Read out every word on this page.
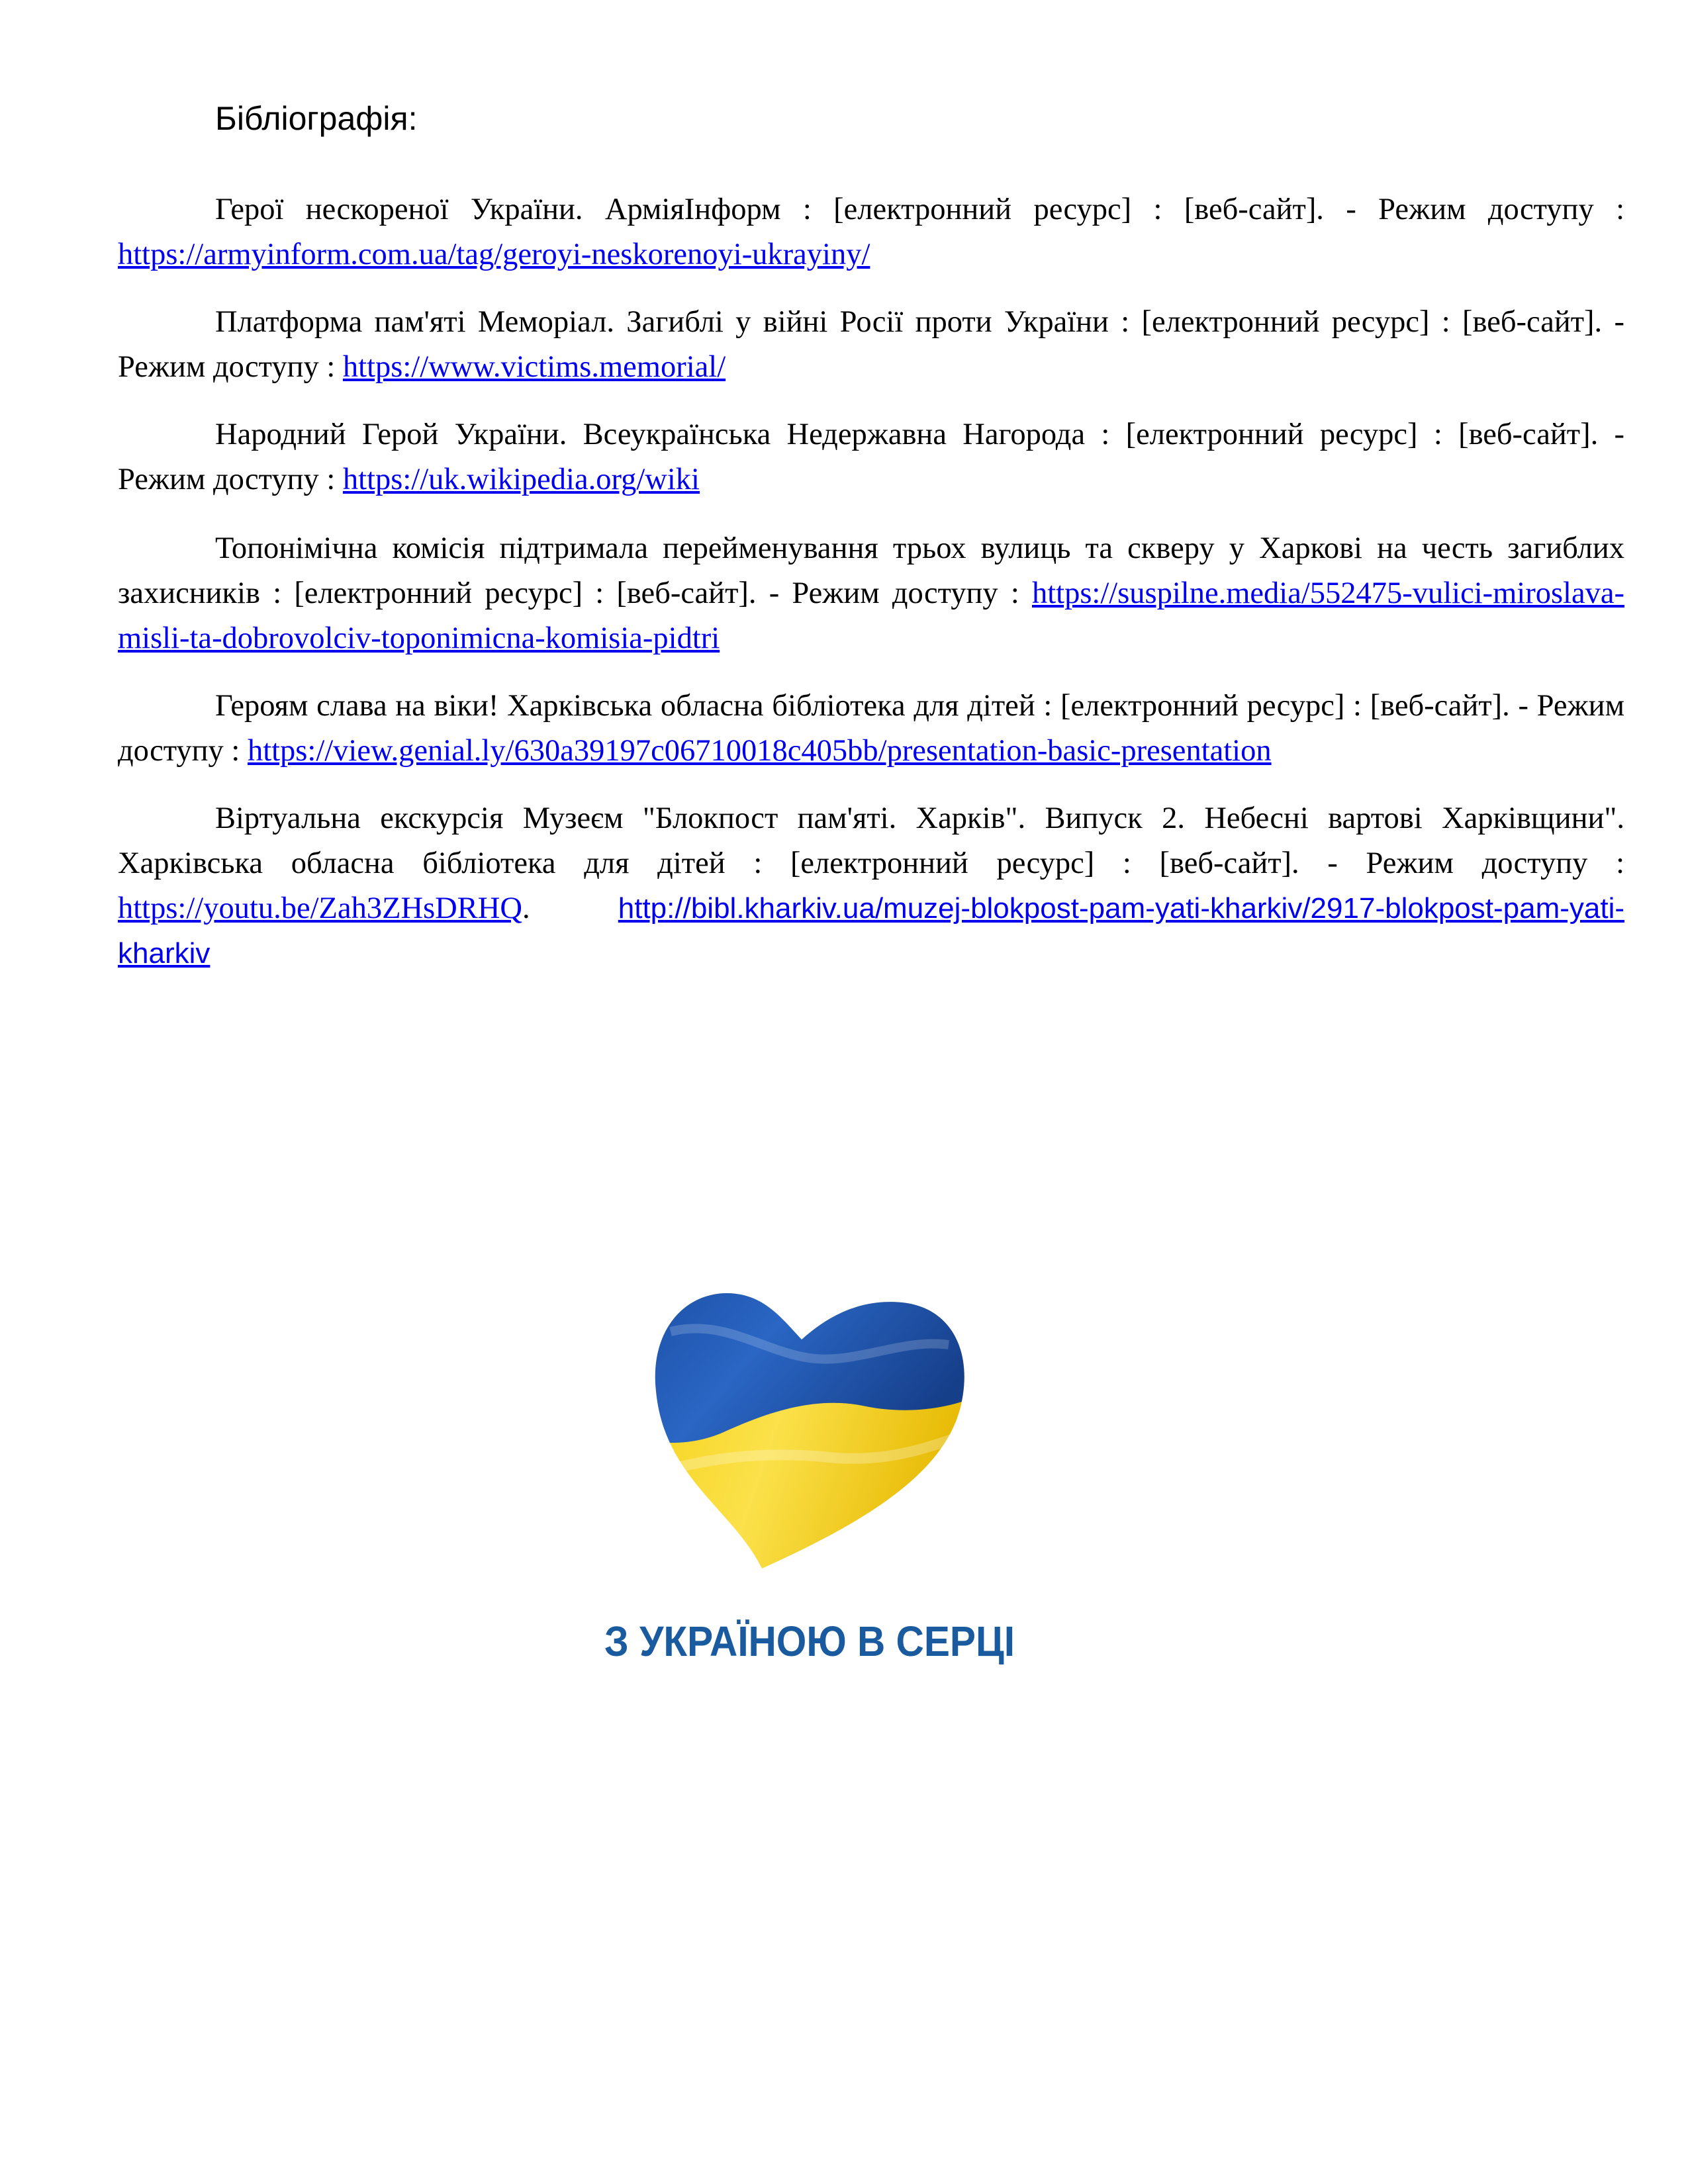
Бібліографія:

Герої нескореної України. АрміяІнформ : [електронний ресурс] : [веб-сайт]. - Режим доступу : https://armyinform.com.ua/tag/geroyi-neskorenoyi-ukrayiny/

Платформа пам'яті Меморіал. Загиблі у війні Росії проти України : [електронний ресурс] : [веб-сайт]. - Режим доступу : https://www.victims.memorial/

Народний Герой України. Всеукраїнська Недержавна Нагорода : [електронний ресурс] : [веб-сайт]. - Режим доступу : https://uk.wikipedia.org/wiki

Топонімічна комісія підтримала перейменування трьох вулиць та скверу у Харкові на честь загиблих захисників : [електронний ресурс] : [веб-сайт]. - Режим доступу : https://suspilne.media/552475-vulici-miroslava-misli-ta-dobrovolciv-toponimicna-komisia-pidtri

Героям слава на віки! Харківська обласна бібліотека для дітей : [електронний ресурс] : [веб-сайт]. - Режим доступу : https://view.genial.ly/630a39197c06710018c405bb/presentation-basic-presentation

Віртуальна екскурсія Музеєм "Блокпост пам'яті. Харків". Випуск 2. Небесні вартові Харківщини". Харківська обласна бібліотека для дітей : [електронний ресурс] : [веб-сайт]. - Режим доступу : https://youtu.be/Zah3ZHsDRHQ.       http://bibl.kharkiv.ua/muzej-blokpost-pam-yati-kharkiv/2917-blokpost-pam-yati-kharkiv

З УКРАЇНОЮ В СЕРЦІ
